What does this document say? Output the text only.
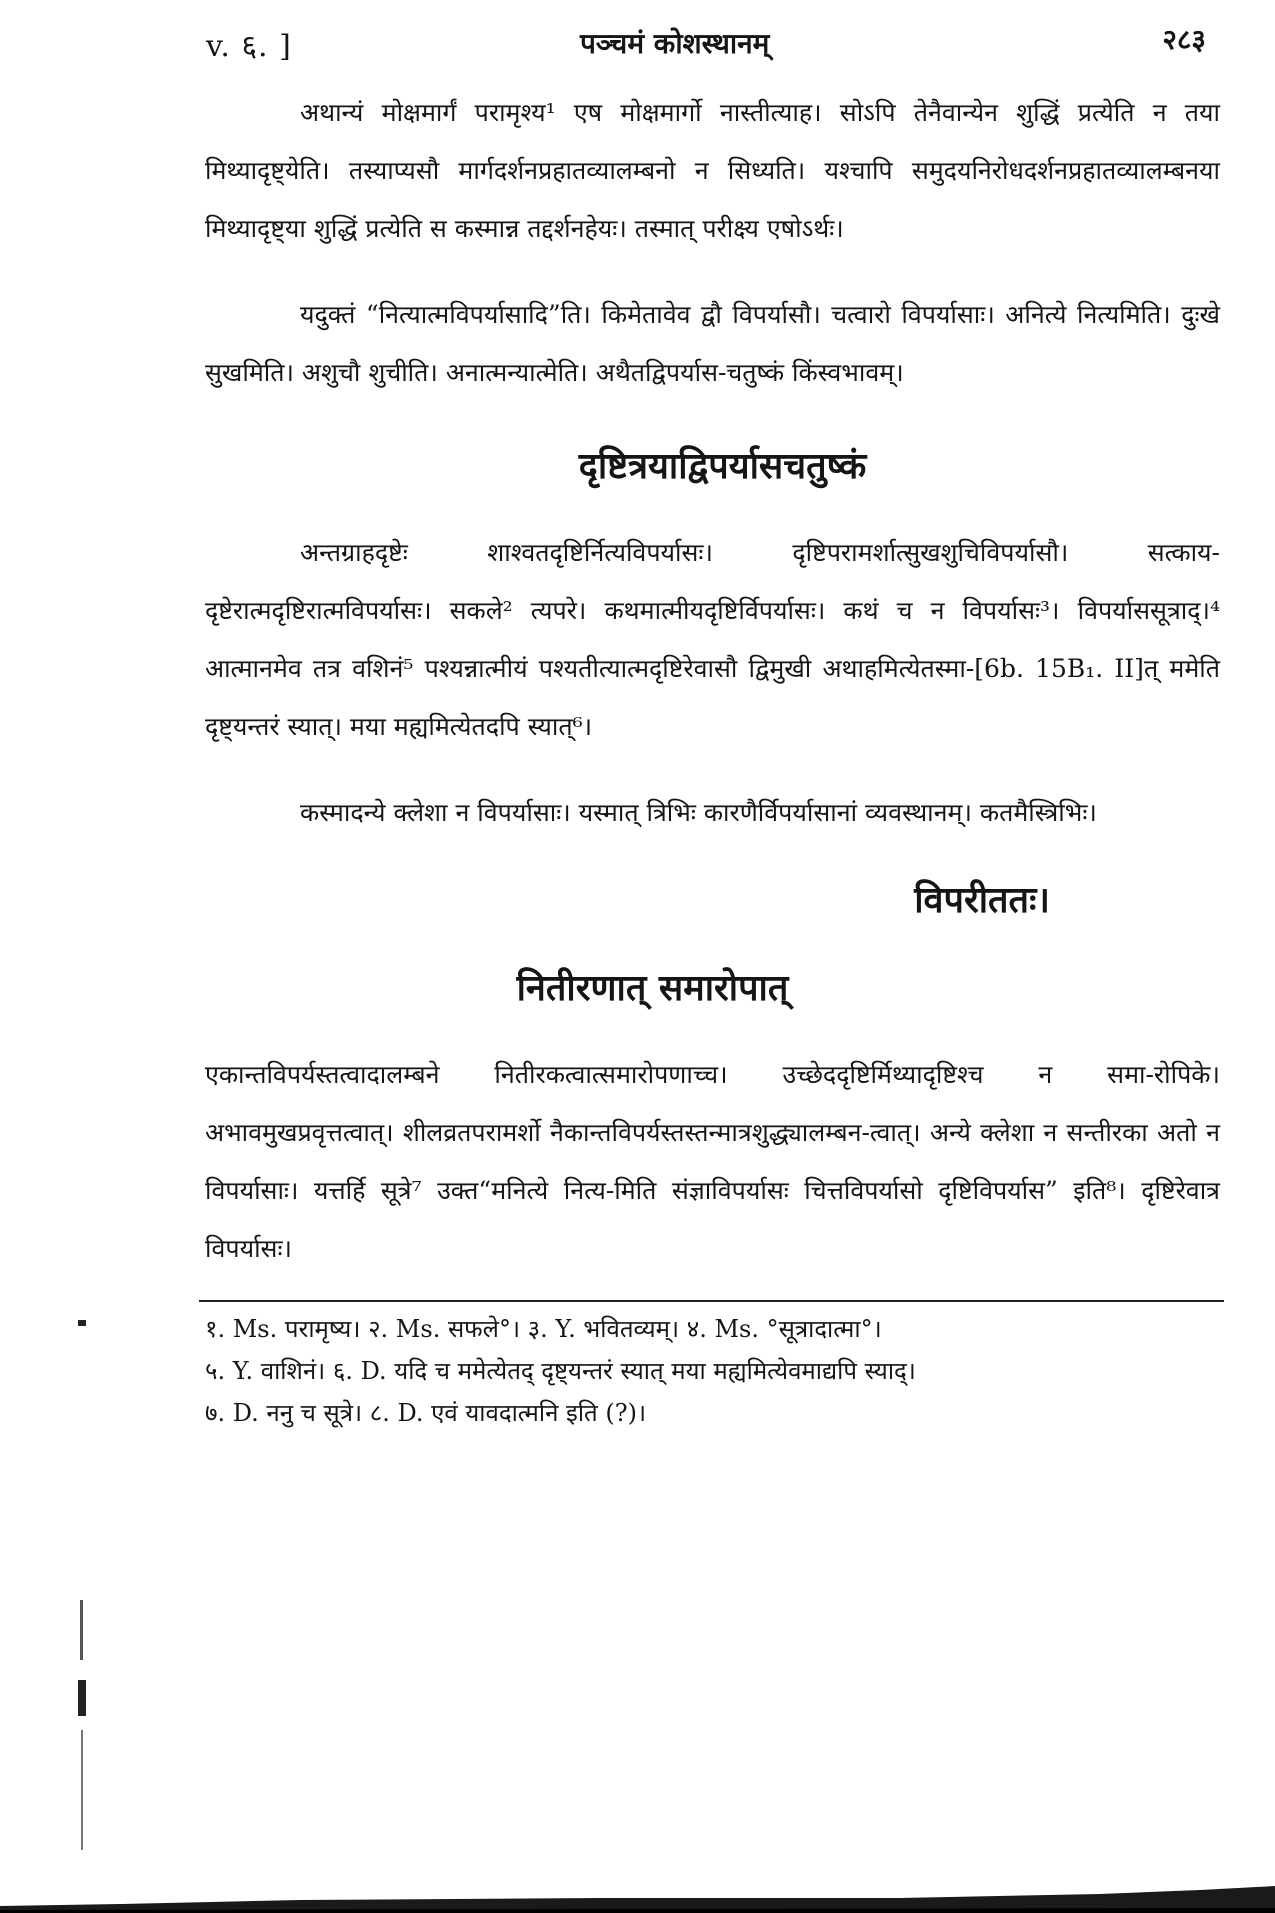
v. ६. ]	पञ्चमं कोशस्थानम्	२८३

अथान्यं मोक्षमार्गं परामृश्य¹ एष मोक्षमार्गो नास्तीत्याह। सोऽपि तेनैवान्येन शुद्धिं प्रत्येति न तया मिथ्यादृष्ट्येति। तस्याप्यसौ मार्गदर्शनप्रहातव्यालम्बनो न सिध्यति। यश्चापि समुदयनिरोधदर्शनप्रहातव्यालम्बनया मिथ्यादृष्ट्या शुद्धिं प्रत्येति स कस्मान्न तद्दर्शनहेयः। तस्मात् परीक्ष्य एषोऽर्थः।

यदुक्तं “नित्यात्मविपर्यासादि”ति। किमेतावेव द्वौ विपर्यासौ। चत्वारो विपर्यासाः। अनित्ये नित्यमिति। दुःखे सुखमिति। अशुचौ शुचीति। अनात्मन्यात्मेति। अथैतद्विपर्यास-चतुष्कं किंस्वभावम्।

दृष्टित्रयाद्विपर्यासचतुष्कं

अन्तग्राहदृष्टेः शाश्वतदृष्टिर्नित्यविपर्यासः। दृष्टिपरामर्शात्सुखशुचिविपर्यासौ। सत्काय-दृष्टेरात्मदृष्टिरात्मविपर्यासः। सकले² त्यपरे। कथमात्मीयदृष्टिर्विपर्यासः। कथं च न विपर्यासः³। विपर्याससूत्राद्।⁴ आत्मानमेव तत्र वशिनं⁵ पश्यन्नात्मीयं पश्यतीत्यात्मदृष्टिरेवासौ द्विमुखी अथाहमित्येतस्मा-[6b. 15B₁. II]त् ममेति दृष्ट्यन्तरं स्यात्। मया मह्यमित्येतदपि स्यात्⁶।

कस्मादन्ये क्लेशा न विपर्यासाः। यस्मात् त्रिभिः कारणैर्विपर्यासानां व्यवस्थानम्। कतमैस्त्रिभिः।

विपरीततः।

नितीरणात् समारोपात्

एकान्तविपर्यस्तत्वादालम्बने नितीरकत्वात्समारोपणाच्च। उच्छेददृष्टिर्मिथ्यादृष्टिश्च न समा-रोपिके। अभावमुखप्रवृत्तत्वात्। शीलव्रतपरामर्शो नैकान्तविपर्यस्तस्तन्मात्रशुद्ध्यालम्बन-त्वात्। अन्ये क्लेशा न सन्तीरका अतो न विपर्यासाः। यत्तर्हि सूत्रे⁷ उक्त“मनित्ये नित्य-मिति संज्ञाविपर्यासः चित्तविपर्यासो दृष्टिविपर्यास” इति⁸। दृष्टिरेवात्र विपर्यासः।

१. Ms. परामृष्य। २. Ms. सफले°। ३. Y. भवितव्यम्। ४. Ms. °सूत्रादात्मा°।

५. Y. वाशिनं। ६. D. यदि च ममेत्येतद् दृष्ट्यन्तरं स्यात् मया मह्यमित्येवमाद्यपि स्याद्।

७. D. ननु च सूत्रे। ८. D. एवं यावदात्मनि इति (?)।
